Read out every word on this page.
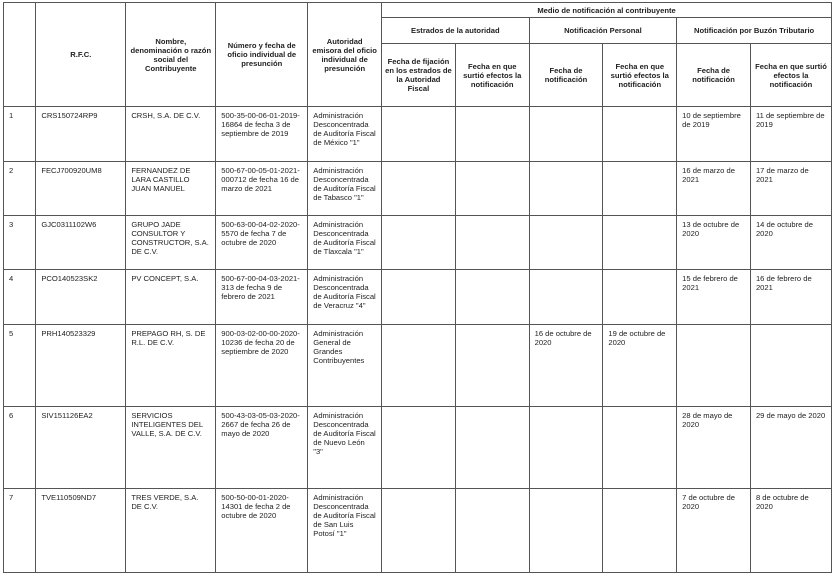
	R.F.C.	Nombre, denominación o razón social del Contribuyente	Número y fecha de oficio individual de presunción	Autoridad emisora del oficio individual de presunción	Medio de notificación al contribuyente					
					Estrados de la autoridad		Notificación Personal		Notificación por Buzón Tributario	
					Fecha de fijación en los estrados de la Autoridad Fiscal	Fecha en que surtió efectos la notificación	Fecha de notificación	Fecha en que surtió efectos la notificación	Fecha de notificación	Fecha en que surtió efectos la notificación
1	CRS150724RP9	CRSH, S.A. DE C.V.	500-35-00-06-01-2019-16864 de fecha 3 de septiembre de 2019	Administración Desconcentrada de Auditoría Fiscal de México "1"					10 de septiembre de 2019	11 de septiembre de 2019
2	FECJ700920UM8	FERNANDEZ DE LARA CASTILLO JUAN MANUEL	500-67-00-05-01-2021-000712 de fecha 16 de marzo de 2021	Administración Desconcentrada de Auditoría Fiscal de Tabasco "1"					16 de marzo de 2021	17 de marzo de 2021
3	GJC0311102W6	GRUPO JADE CONSULTOR Y CONSTRUCTOR, S.A. DE C.V.	500-63-00-04-02-2020-5570 de fecha 7 de octubre de 2020	Administración Desconcentrada de Auditoría Fiscal de Tlaxcala "1"					13 de octubre de 2020	14 de octubre de 2020
4	PCO140523SK2	PV CONCEPT, S.A.	500-67-00-04-03-2021-313 de fecha 9 de febrero de 2021	Administración Desconcentrada de Auditoría Fiscal de Veracruz "4"					15 de febrero de 2021	16 de febrero de 2021
5	PRH140523329	PREPAGO RH, S. DE R.L. DE C.V.	900-03-02-00-00-2020-10236 de fecha 20 de septiembre de 2020	Administración General de Grandes Contribuyentes			16 de octubre de 2020	19 de octubre de 2020		
6	SIV151126EA2	SERVICIOS INTELIGENTES DEL VALLE, S.A. DE C.V.	500-43-03-05-03-2020-2667 de fecha 26 de mayo de 2020	Administración Desconcentrada de Auditoría Fiscal de Nuevo León "3"					28 de mayo de 2020	29 de mayo de 2020
7	TVE110509ND7	TRES VERDE, S.A. DE C.V.	500-50-00-01-2020-14301 de fecha 2 de octubre de 2020	Administración Desconcentrada de Auditoría Fiscal de San Luis Potosí "1"					7 de octubre de 2020	8 de octubre de 2020
